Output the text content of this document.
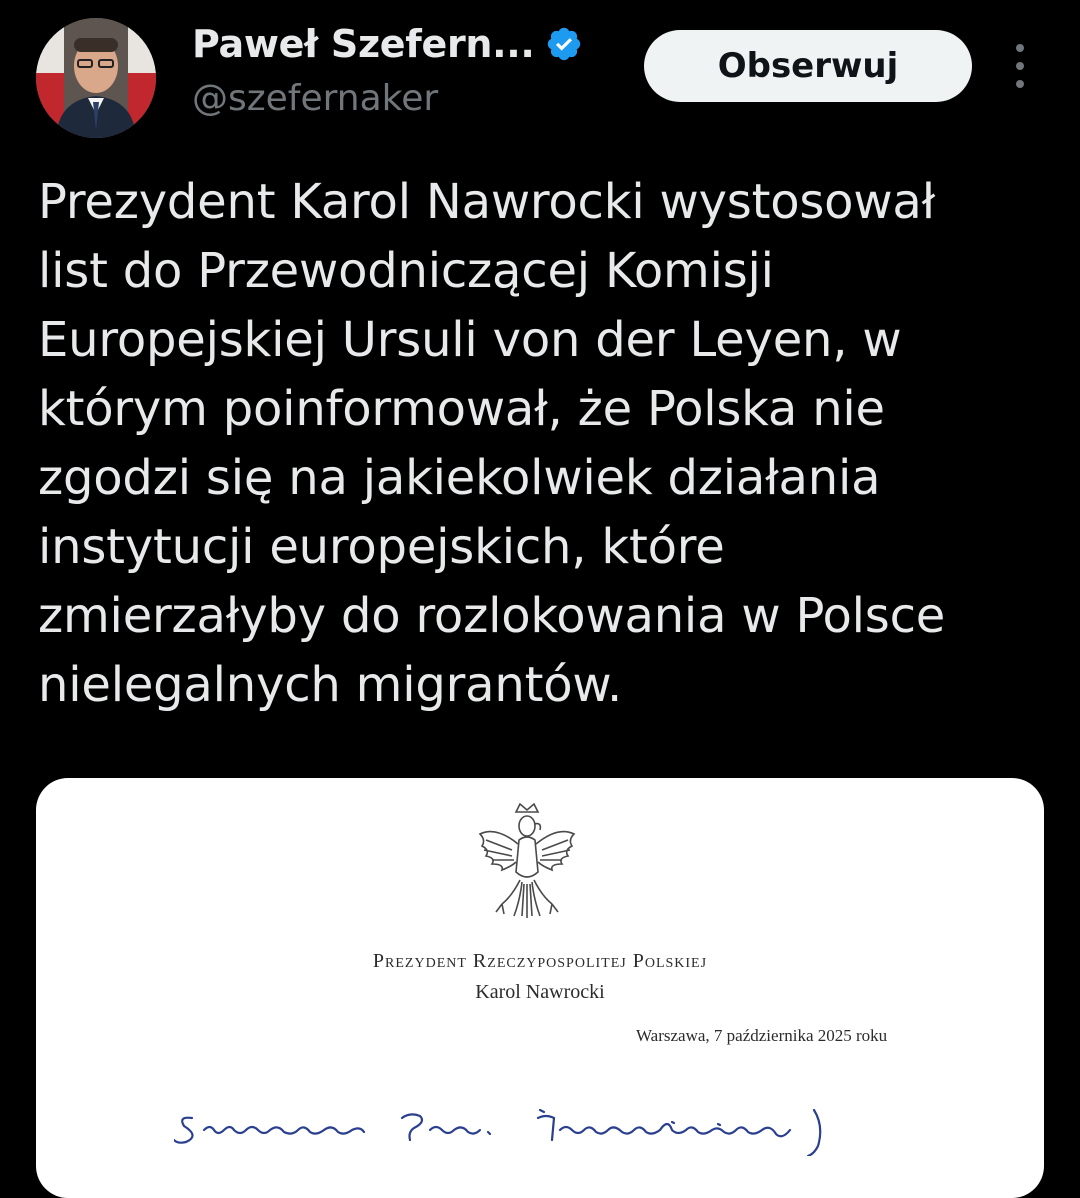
Paweł Szefern...
@szefernaker
Obserwuj
Prezydent Karol Nawrocki wystosował
list do Przewodniczącej Komisji
Europejskiej Ursuli von der Leyen, w
którym poinformował, że Polska nie
zgodzi się na jakiekolwiek działania
instytucji europejskich, które
zmierzałyby do rozlokowania w Polsce
nielegalnych migrantów.
Prezydent Rzeczypospolitej Polskiej
Karol Nawrocki
Warszawa, 7 października 2025 roku
